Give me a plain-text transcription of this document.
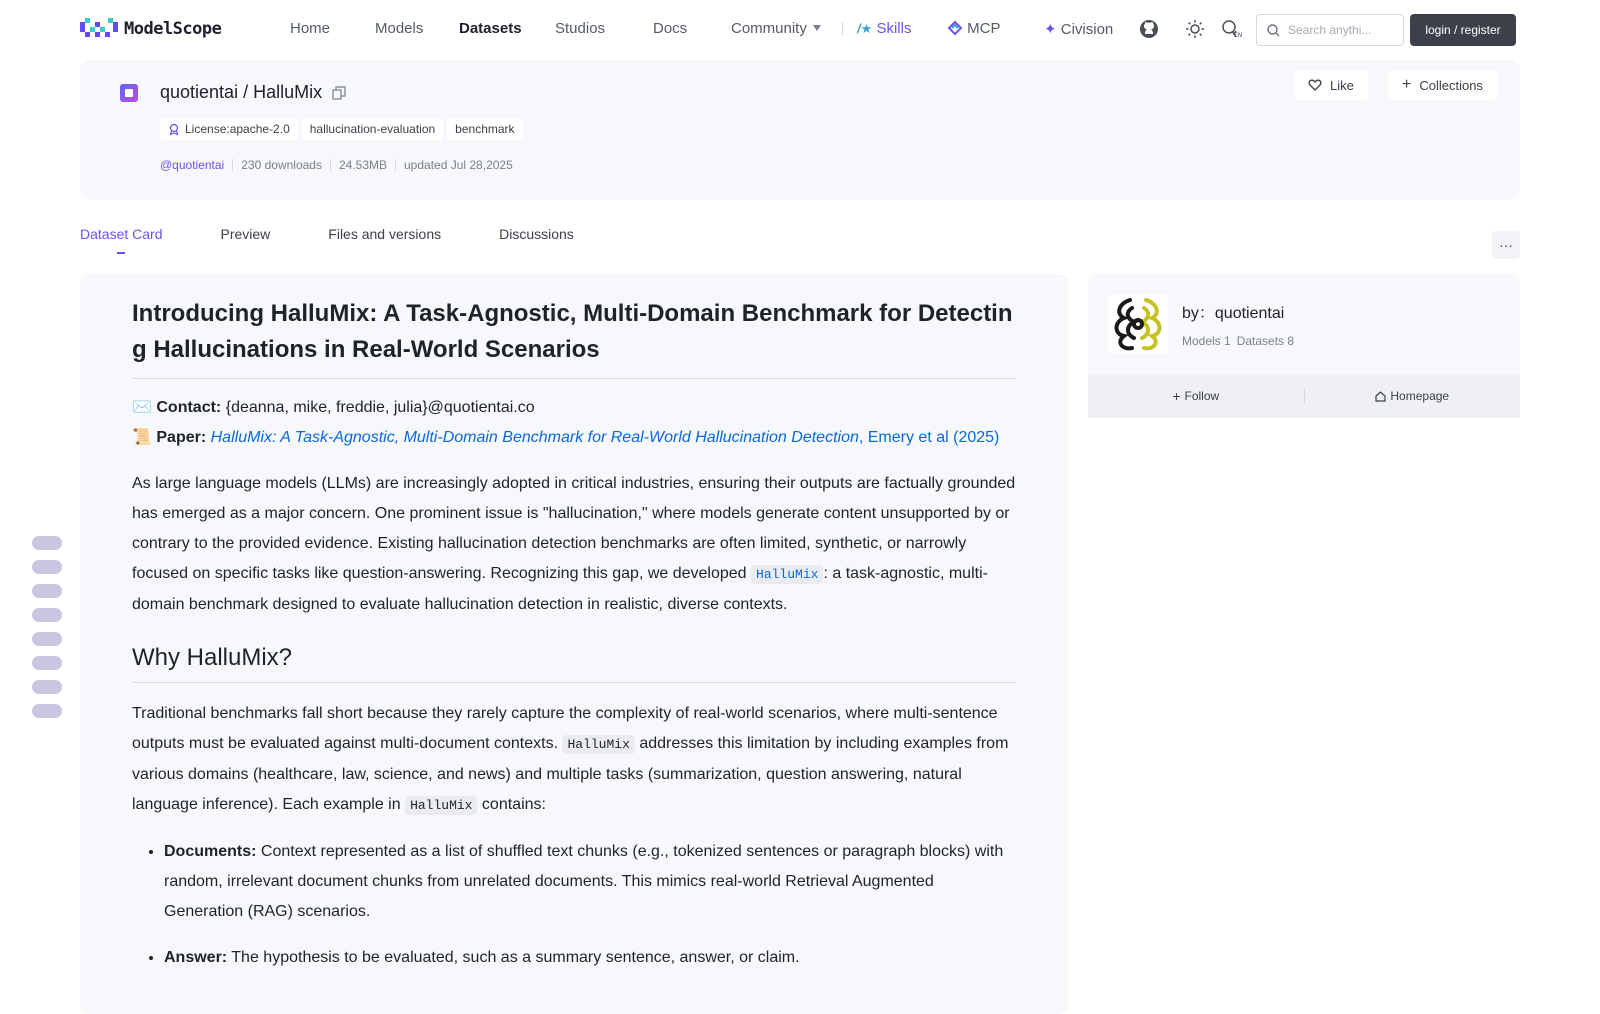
ModelScope	Home	Models Datasets Studios	Docs	Community	/★ Skills	MCP	✦ Civision	EN
Search anythi...	login / register
quotientai / HalluMix
License:apache-2.0	hallucination-evaluation	benchmark
@quotientai 230 downloads 24.53MB updated Jul 28,2025
Like	+ Collections
Dataset Card	Preview	Files and versions	Discussions
···
Introducing HalluMix: A Task-Agnostic, Multi-Domain Benchmark for Detecting Hallucinations in Real-World Scenarios
✉️ Contact: {deanna, mike, freddie, julia}@quotientai.co
📜 Paper: HalluMix: A Task-Agnostic, Multi-Domain Benchmark for Real-World Hallucination Detection, Emery et al (2025)

As large language models (LLMs) are increasingly adopted in critical industries, ensuring their outputs are factually grounded has emerged as a major concern. One prominent issue is "hallucination," where models generate content unsupported by or contrary to the provided evidence. Existing hallucination detection benchmarks are often limited, synthetic, or narrowly focused on specific tasks like question-answering. Recognizing this gap, we developed HalluMix : a task-agnostic, multi-domain benchmark designed to evaluate hallucination detection in realistic, diverse contexts.

Why HalluMix?

Traditional benchmarks fall short because they rarely capture the complexity of real-world scenarios, where multi-sentence outputs must be evaluated against multi-document contexts. HalluMix addresses this limitation by including examples from various domains (healthcare, law, science, and news) and multiple tasks (summarization, question answering, natural language inference). Each example in HalluMix contains:

• Documents: Context represented as a list of shuffled text chunks (e.g., tokenized sentences or paragraph blocks) with random, irrelevant document chunks from unrelated documents. This mimics real-world Retrieval Augmented Generation (RAG) scenarios.
• Answer: The hypothesis to be evaluated, such as a summary sentence, answer, or claim.
by：quotientai
Models 1 Datasets 8
+ Follow	Homepage
